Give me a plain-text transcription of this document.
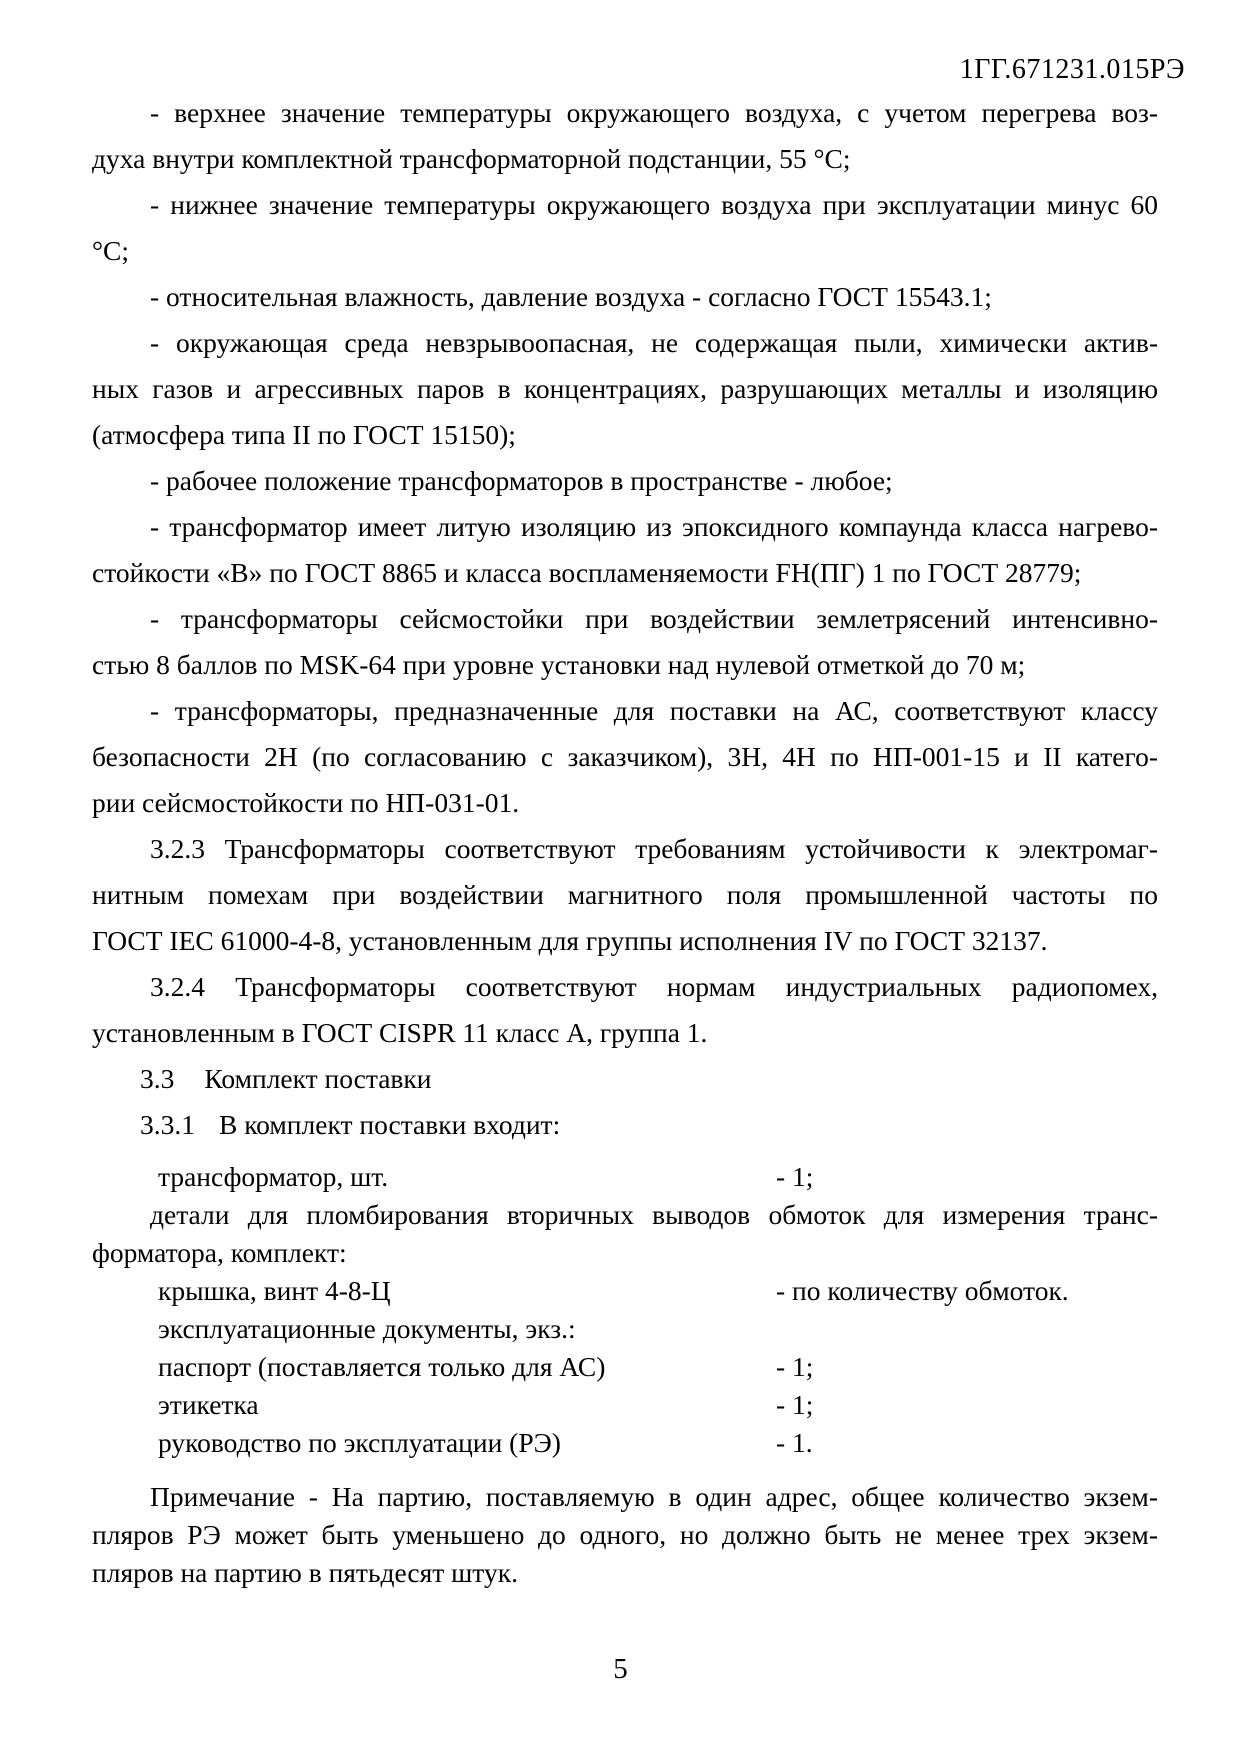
1ГГ.671231.015РЭ
- верхнее значение температуры окружающего воздуха, с учетом перегрева воз-
духа внутри комплектной трансформаторной подстанции, 55 °С;
- нижнее значение температуры окружающего воздуха при эксплуатации минус 60 °С;
- относительная влажность, давление воздуха - согласно ГОСТ 15543.1;
- окружающая среда невзрывоопасная, не содержащая пыли, химически актив-
ных газов и агрессивных паров в концентрациях, разрушающих металлы и изоляцию
(атмосфера типа II по ГОСТ 15150);
- рабочее положение трансформаторов в пространстве - любое;
- трансформатор имеет литую изоляцию из эпоксидного компаунда класса нагрево-
стойкости «В» по ГОСТ 8865 и класса воспламеняемости FH(ПГ) 1 по ГОСТ 28779;
- трансформаторы сейсмостойки при воздействии землетрясений интенсивно-
стью 8 баллов по MSK-64 при уровне установки над нулевой отметкой до 70 м;
- трансформаторы, предназначенные для поставки на АС, соответствуют классу
безопасности 2Н (по согласованию с заказчиком), 3Н, 4Н по НП-001-15 и II катего-
рии сейсмостойкости по НП-031-01.
3.2.3 Трансформаторы соответствуют требованиям устойчивости к электромаг-
нитным помехам при воздействии магнитного поля промышленной частоты по
ГОСТ IEC 61000-4-8, установленным для группы исполнения IV по ГОСТ 32137.
3.2.4 Трансформаторы соответствуют нормам индустриальных радиопомех,
установленным в ГОСТ CISPR 11 класс А, группа 1.
3.3 Комплект поставки
3.3.1 В комплект поставки входит:
трансформатор, шт.	- 1;
детали для пломбирования вторичных выводов обмоток для измерения транс-
форматора, комплект:
крышка, винт 4-8-Ц	- по количеству обмоток.
эксплуатационные документы, экз.:
паспорт (поставляется только для АС)	- 1;
этикетка	- 1;
руководство по эксплуатации (РЭ)	- 1.
Примечание - На партию, поставляемую в один адрес, общее количество экзем-
пляров РЭ может быть уменьшено до одного, но должно быть не менее трех экзем-
пляров на партию в пятьдесят штук.
5
